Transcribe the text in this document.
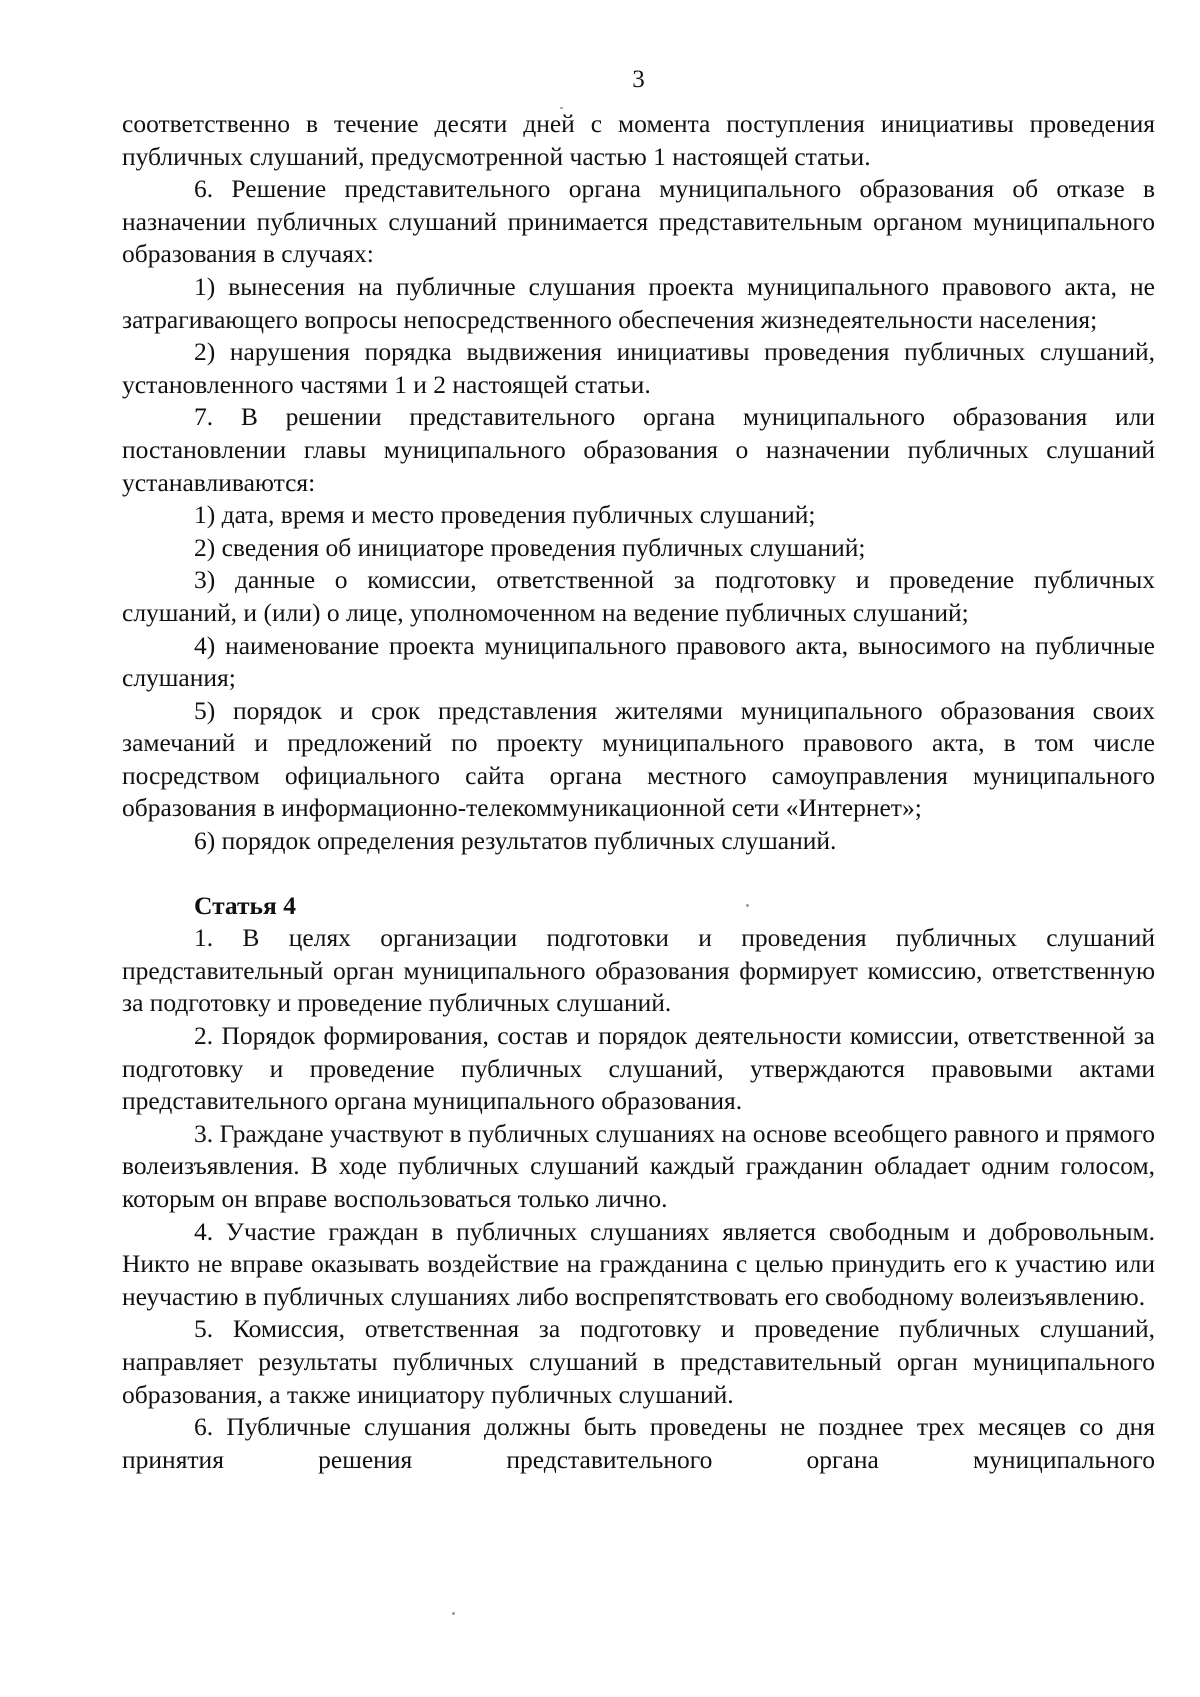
3

соответственно в течение десяти дней с момента поступления инициативы проведения публичных слушаний, предусмотренной частью 1 настоящей статьи.

6. Решение представительного органа муниципального образования об отказе в назначении публичных слушаний принимается представительным органом муниципального образования в случаях:

1) вынесения на публичные слушания проекта муниципального правового акта, не затрагивающего вопросы непосредственного обеспечения жизнедеятельности населения;

2) нарушения порядка выдвижения инициативы проведения публичных слушаний, установленного частями 1 и 2 настоящей статьи.

7. В решении представительного органа муниципального образования или постановлении главы муниципального образования о назначении публичных слушаний устанавливаются:

1) дата, время и место проведения публичных слушаний;

2) сведения об инициаторе проведения публичных слушаний;

3) данные о комиссии, ответственной за подготовку и проведение публичных слушаний, и (или) о лице, уполномоченном на ведение публичных слушаний;

4) наименование проекта муниципального правового акта, выносимого на публичные слушания;

5) порядок и срок представления жителями муниципального образования своих замечаний и предложений по проекту муниципального правового акта, в том числе посредством официального сайта органа местного самоуправления муниципального образования в информационно-телекоммуникационной сети «Интернет»;

6) порядок определения результатов публичных слушаний.

Статья 4

1. В целях организации подготовки и проведения публичных слушаний представительный орган муниципального образования формирует комиссию, ответственную за подготовку и проведение публичных слушаний.

2. Порядок формирования, состав и порядок деятельности комиссии, ответственной за подготовку и проведение публичных слушаний, утверждаются правовыми актами представительного органа муниципального образования.

3. Граждане участвуют в публичных слушаниях на основе всеобщего равного и прямого волеизъявления. В ходе публичных слушаний каждый гражданин обладает одним голосом, которым он вправе воспользоваться только лично.

4. Участие граждан в публичных слушаниях является свободным и добровольным. Никто не вправе оказывать воздействие на гражданина с целью принудить его к участию или неучастию в публичных слушаниях либо воспрепятствовать его свободному волеизъявлению.

5. Комиссия, ответственная за подготовку и проведение публичных слушаний, направляет результаты публичных слушаний в представительный орган муниципального образования, а также инициатору публичных слушаний.

6. Публичные слушания должны быть проведены не позднее трех месяцев со дня принятия решения представительного органа муниципального
